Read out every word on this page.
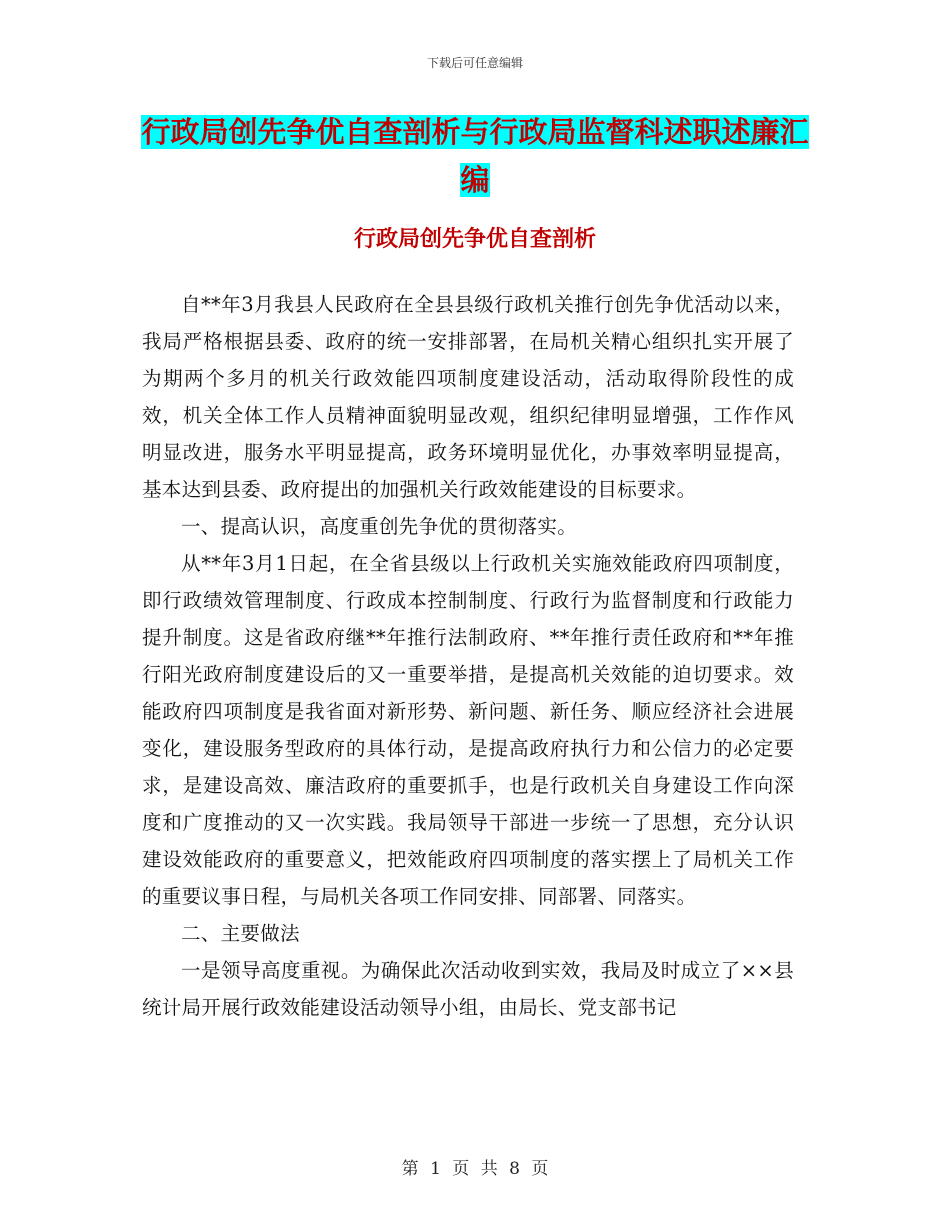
下载后可任意编辑
行政局创先争优自查剖析与行政局监督科述职述廉汇编
行政局创先争优自查剖析

自**年3月我县人民政府在全县县级行政机关推行创先争优活动以来，我局严格根据县委、政府的统一安排部署，在局机关精心组织扎实开展了为期两个多月的机关行政效能四项制度建设活动，活动取得阶段性的成效，机关全体工作人员精神面貌明显改观，组织纪律明显增强，工作作风明显改进，服务水平明显提高，政务环境明显优化，办事效率明显提高，基本达到县委、政府提出的加强机关行政效能建设的目标要求。

一、提高认识，高度重创先争优的贯彻落实。

从**年3月1日起，在全省县级以上行政机关实施效能政府四项制度，即行政绩效管理制度、行政成本控制制度、行政行为监督制度和行政能力提升制度。这是省政府继**年推行法制政府、**年推行责任政府和**年推行阳光政府制度建设后的又一重要举措，是提高机关效能的迫切要求。效能政府四项制度是我省面对新形势、新问题、新任务、顺应经济社会进展变化，建设服务型政府的具体行动，是提高政府执行力和公信力的必定要求，是建设高效、廉洁政府的重要抓手，也是行政机关自身建设工作向深度和广度推动的又一次实践。我局领导干部进一步统一了思想，充分认识建设效能政府的重要意义，把效能政府四项制度的落实摆上了局机关工作的重要议事日程，与局机关各项工作同安排、同部署、同落实。

二、主要做法

一是领导高度重视。为确保此次活动收到实效，我局及时成立了××县统计局开展行政效能建设活动领导小组，由局长、党支部书记

第 1 页 共 8 页
